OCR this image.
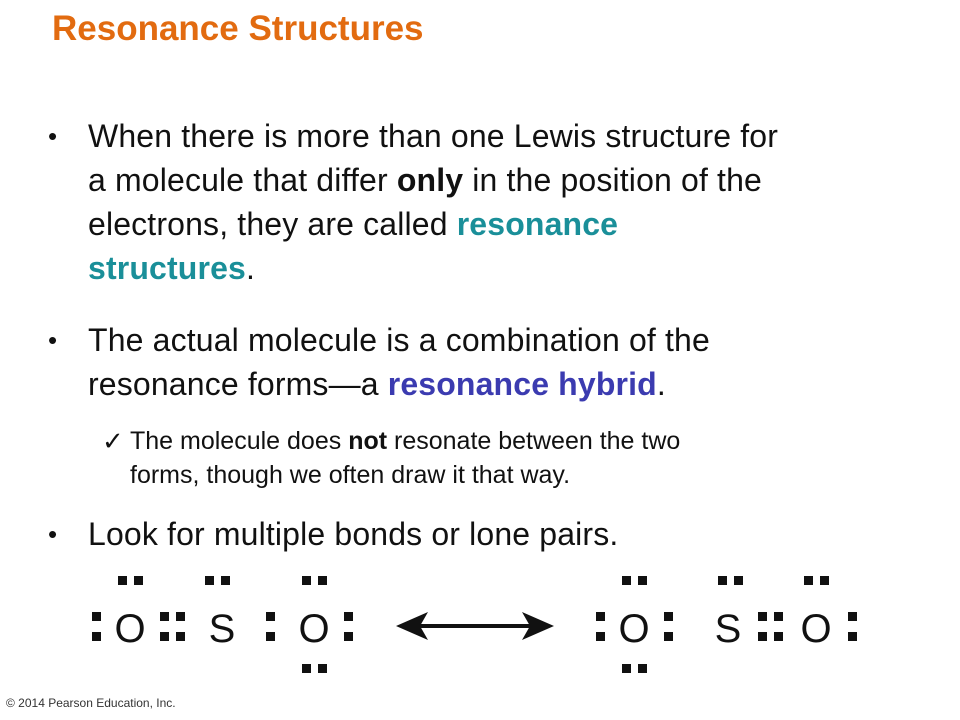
Resonance Structures
• When there is more than one Lewis structure for
a molecule that differ only in the position of the
electrons, they are called resonance
structures.
• The actual molecule is a combination of the
resonance forms—a resonance hybrid.
✓ The molecule does not resonate between the two
forms, though we often draw it that way.
• Look for multiple bonds or lone pairs.
O S O	O S O
© 2014 Pearson Education, Inc.
